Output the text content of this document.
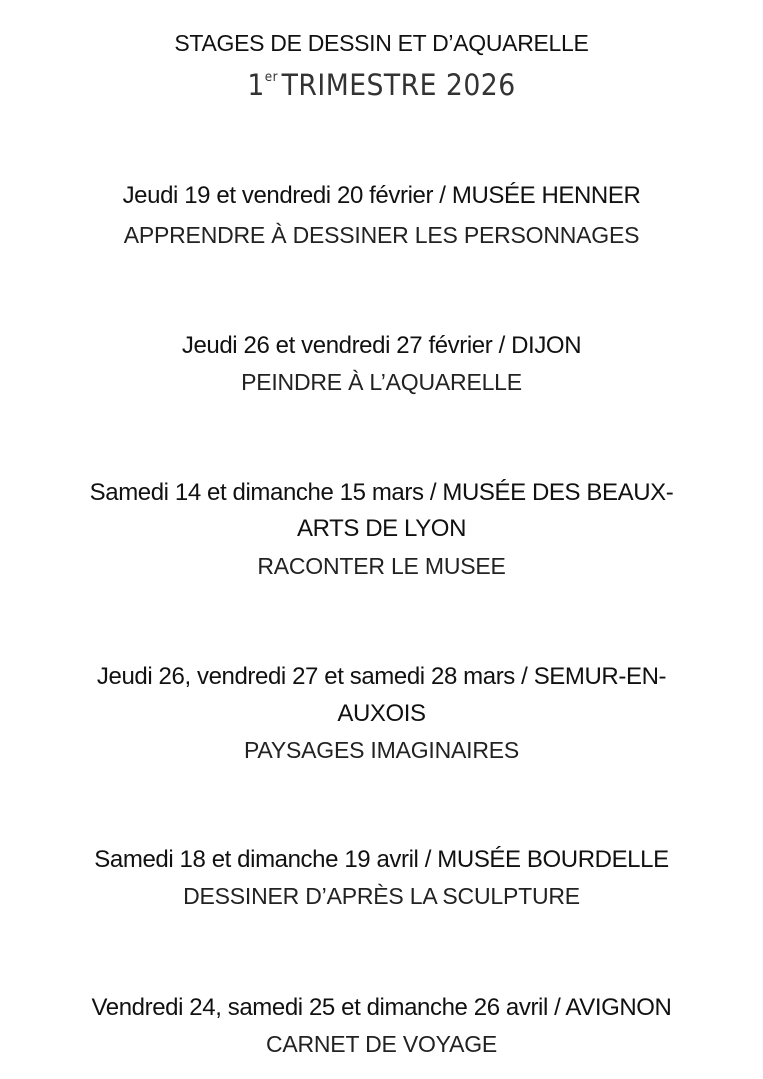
STAGES DE DESSIN ET D’AQUARELLE
1er TRIMESTRE 2026
Jeudi 19 et vendredi 20 février / MUSÉE HENNER
APPRENDRE À DESSINER LES PERSONNAGES
Jeudi 26 et vendredi 27 février / DIJON
PEINDRE À L’AQUARELLE
Samedi 14 et dimanche 15 mars / MUSÉE DES BEAUX-
ARTS DE LYON
RACONTER LE MUSEE
Jeudi 26, vendredi 27 et samedi 28 mars / SEMUR-EN-
AUXOIS
PAYSAGES IMAGINAIRES
Samedi 18 et dimanche 19 avril / MUSÉE BOURDELLE
DESSINER D’APRÈS LA SCULPTURE
Vendredi 24, samedi 25 et dimanche 26 avril / AVIGNON
CARNET DE VOYAGE
